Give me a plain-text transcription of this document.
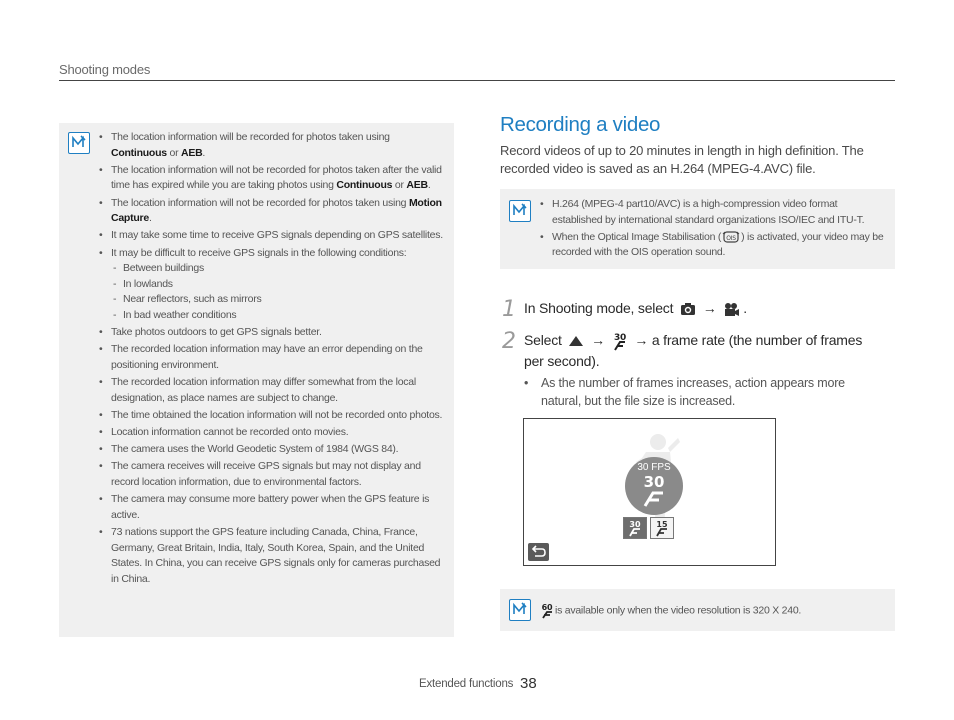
Shooting modes
• The location information will be recorded for photos taken using Continuous or AEB.
• The location information will not be recorded for photos taken after the valid time has expired while you are taking photos using Continuous or AEB.
• The location information will not be recorded for photos taken using Motion Capture.
• It may take some time to receive GPS signals depending on GPS satellites.
• It may be difficult to receive GPS signals in the following conditions:
- Between buildings
- In lowlands
- Near reflectors, such as mirrors
- In bad weather conditions
• Take photos outdoors to get GPS signals better.
• The recorded location information may have an error depending on the positioning environment.
• The recorded location information may differ somewhat from the local designation, as place names are subject to change.
• The time obtained the location information will not be recorded onto photos.
• Location information cannot be recorded onto movies.
• The camera uses the World Geodetic System of 1984 (WGS 84).
• The camera receives will receive GPS signals but may not display and record location information, due to environmental factors.
• The camera may consume more battery power when the GPS feature is active.
• 73 nations support the GPS feature including Canada, China, France, Germany, Great Britain, India, Italy, South Korea, Spain, and the United States. In China, you can receive GPS signals only for cameras purchased in China.
Recording a video
Record videos of up to 20 minutes in length in high definition. The recorded video is saved as an H.264 (MPEG-4.AVC) file.
• H.264 (MPEG-4 part10/AVC) is a high-compression video format established by international standard organizations ISO/IEC and ITU-T.
• When the Optical Image Stabilisation ( OIS ) is activated, your video may be recorded with the OIS operation sound.
1 In Shooting mode, select → .
2 Select → 30 → a frame rate (the number of frames
per second).
• As the number of frames increases, action appears more natural, but the file size is increased.
30 FPS
30
30 15
60 is available only when the video resolution is 320 X 240.
Extended functions 38
